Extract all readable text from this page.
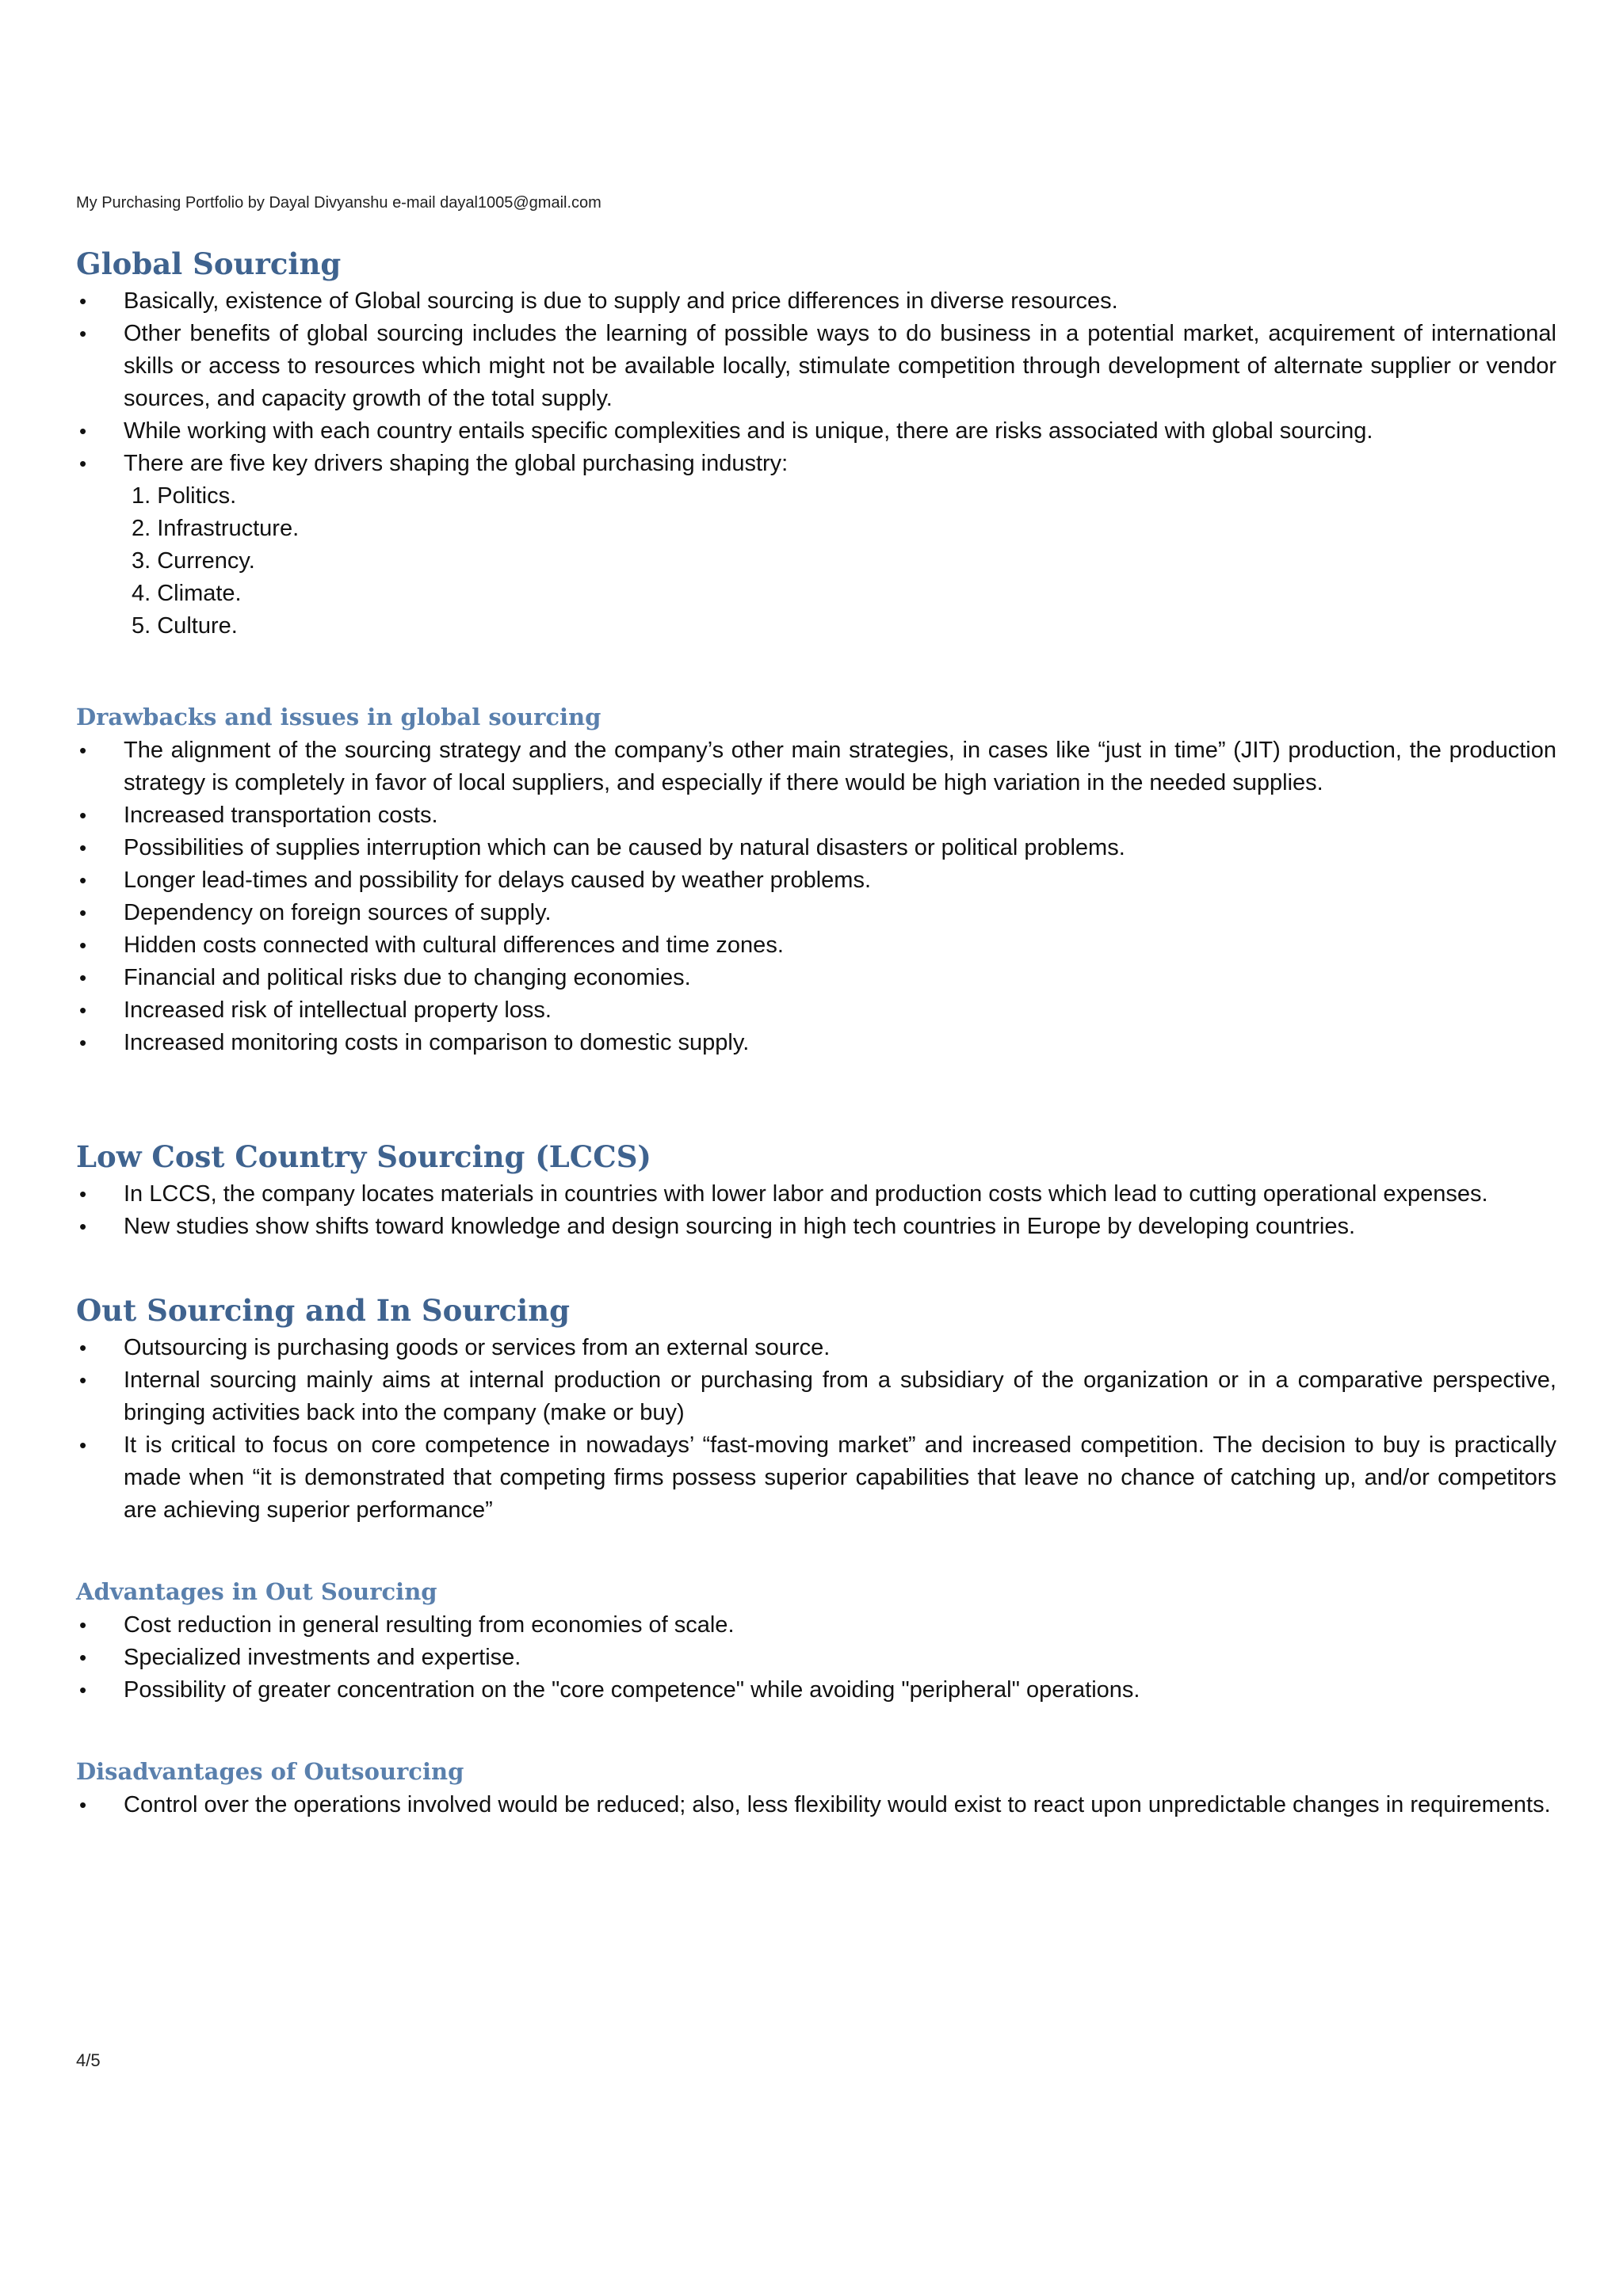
My Purchasing Portfolio by Dayal Divyanshu e-mail dayal1005@gmail.com
Global Sourcing
• Basically, existence of Global sourcing is due to supply and price differences in diverse resources.
• Other benefits of global sourcing includes the learning of possible ways to do business in a potential market, acquirement of international skills or access to resources which might not be available locally, stimulate competition through development of alternate supplier or vendor sources, and capacity growth of the total supply.
• While working with each country entails specific complexities and is unique, there are risks associated with global sourcing.
• There are five key drivers shaping the global purchasing industry:
1. Politics.
2. Infrastructure.
3. Currency.
4. Climate.
5. Culture.
Drawbacks and issues in global sourcing
• The alignment of the sourcing strategy and the company’s other main strategies, in cases like “just in time” (JIT) production, the production strategy is completely in favor of local suppliers, and especially if there would be high variation in the needed supplies.
• Increased transportation costs.
• Possibilities of supplies interruption which can be caused by natural disasters or political problems.
• Longer lead-times and possibility for delays caused by weather problems.
• Dependency on foreign sources of supply.
• Hidden costs connected with cultural differences and time zones.
• Financial and political risks due to changing economies.
• Increased risk of intellectual property loss.
• Increased monitoring costs in comparison to domestic supply.
Low Cost Country Sourcing (LCCS)
• In LCCS, the company locates materials in countries with lower labor and production costs which lead to cutting operational expenses.
• New studies show shifts toward knowledge and design sourcing in high tech countries in Europe by developing countries.
Out Sourcing and In Sourcing
• Outsourcing is purchasing goods or services from an external source.
• Internal sourcing mainly aims at internal production or purchasing from a subsidiary of the organization or in a comparative perspective, bringing activities back into the company (make or buy)
• It is critical to focus on core competence in nowadays’ “fast-moving market” and increased competition. The decision to buy is practically made when “it is demonstrated that competing firms possess superior capabilities that leave no chance of catching up, and/or competitors are achieving superior performance”
Advantages in Out Sourcing
• Cost reduction in general resulting from economies of scale.
• Specialized investments and expertise.
• Possibility of greater concentration on the "core competence" while avoiding "peripheral" operations.
Disadvantages of Outsourcing
• Control over the operations involved would be reduced; also, less flexibility would exist to react upon unpredictable changes in requirements.
4/5
